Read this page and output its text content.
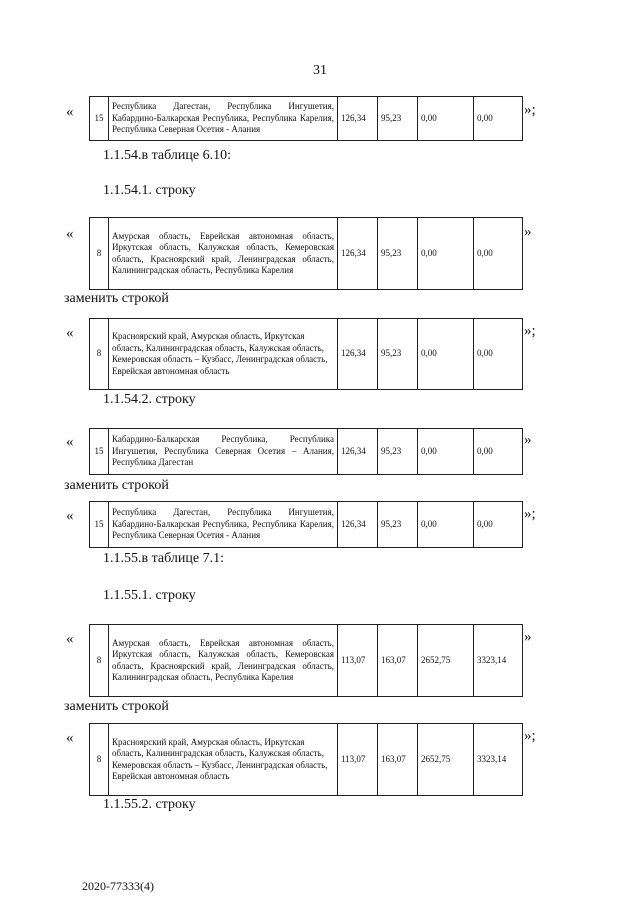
31
« 15	Республика Дагестан, Республика Ингушетия, Кабардино-Балкарская Республика, Республика Карелия, Республика Северная Осетия - Алания	126,34	95,23	0,00	0,00 »;
1.1.54.в таблице 6.10:
1.1.54.1. строку
«
8	Амурская область, Еврейская автономная область, Иркутская область, Калужская область, Кемеровская область, Красноярский край, Ленинградская область, Калининградская область, Республика Карелия	126,34	95,23	0,00	0,00
»
заменить строкой
«
8	Красноярский край, Амурская область, Иркутская область, Калининградская область, Калужская область, Кемеровская область – Кузбасс, Ленинградская область, Еврейская автономная область	126,34	95,23	0,00	0,00
»;
1.1.54.2. строку
«
15	Кабардино-Балкарская Республика, Республика Ингушетия, Республика Северная Осетия – Алания, Республика Дагестан	126,34	95,23	0,00	0,00
»
заменить строкой
« 15	Республика Дагестан, Республика Ингушетия, Кабардино-Балкарская Республика, Республика Карелия, Республика Северная Осетия - Алания	126,34	95,23	0,00	0,00
»;
1.1.55.в таблице 7.1:
1.1.55.1. строку
«
8	Амурская область, Еврейская автономная область, Иркутская область, Калужская область, Кемеровская область, Красноярский край, Ленинградская область, Калининградская область, Республика Карелия	113,07	163,07	2652,75	3323,14
»
заменить строкой
«
8	Красноярский край, Амурская область, Иркутская область, Калининградская область, Калужская область, Кемеровская область – Кузбасс, Ленинградская область, Еврейская автономная область	113,07	163,07	2652,75	3323,14
»;
1.1.55.2. строку
2020-77333(4)
